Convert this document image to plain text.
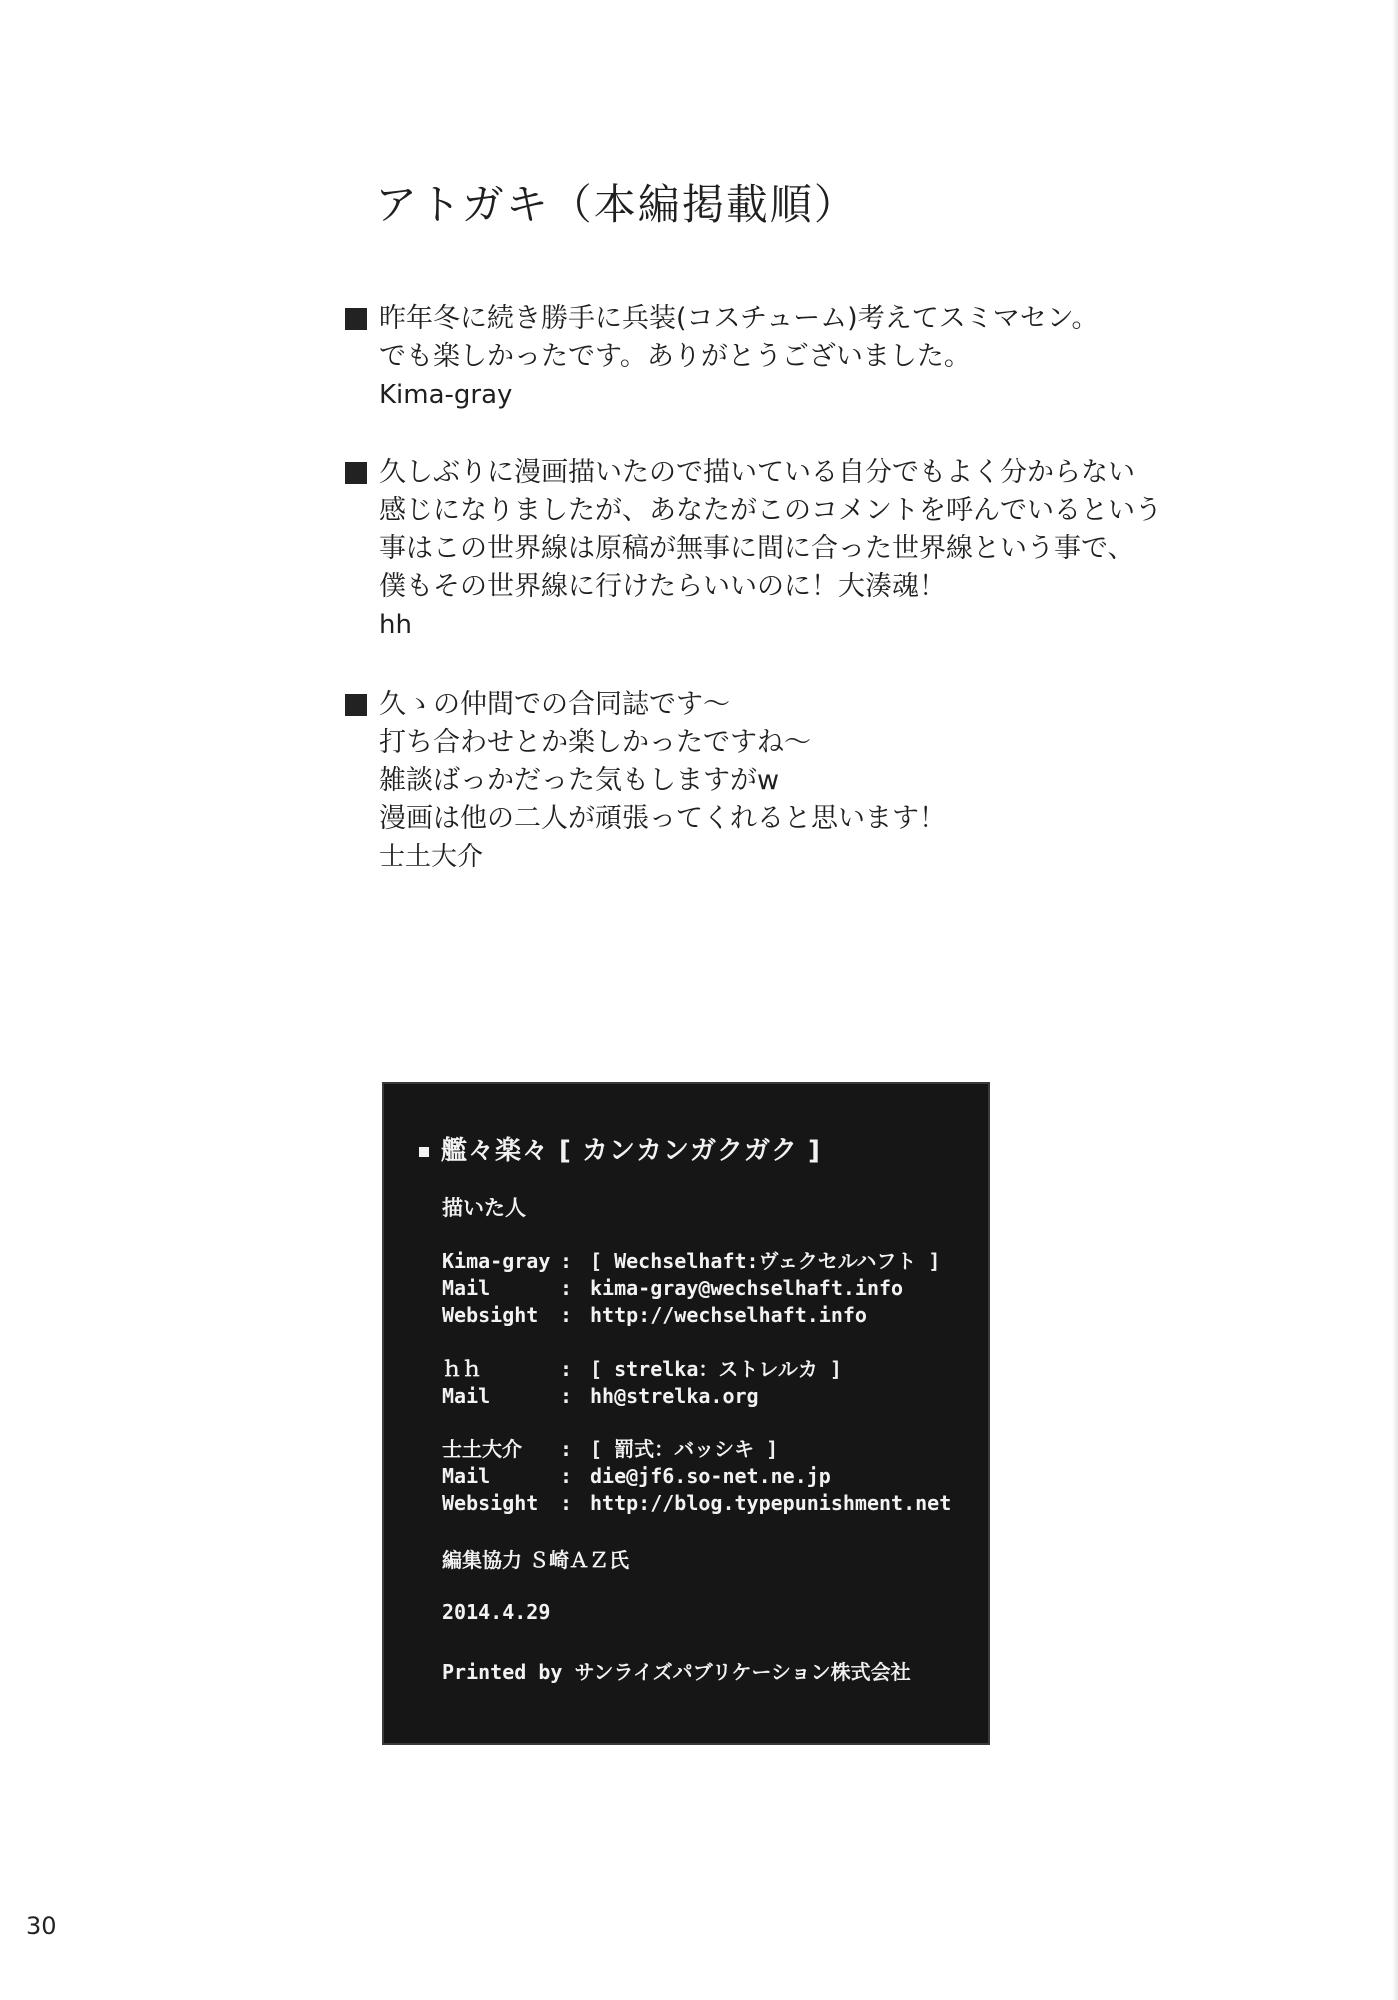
アトガキ（本編掲載順）
昨年冬に続き勝手に兵装(コスチューム)考えてスミマセン。
でも楽しかったです。ありがとうございました。
Kima-gray
久しぶりに漫画描いたので描いている自分でもよく分からない
感じになりましたが、あなたがこのコメントを呼んでいるという
事はこの世界線は原稿が無事に間に合った世界線という事で、
僕もその世界線に行けたらいいのに！大湊魂！
hh
久ゝの仲間での合同誌です～
打ち合わせとか楽しかったですね～
雑談ばっかだった気もしますがw
漫画は他の二人が頑張ってくれると思います！
士土大介
艦々楽々 [ カンカンガクガク ]
描いた人
Kima-gray : [ Wechselhaft:ヴェクセルハフト ]
Mail	: kima-gray@wechselhaft.info
Websight : http://wechselhaft.info
ｈｈ	: [ strelka：ストレルカ ]
Mail	: hh@strelka.org
士土大介 : [ 罰式：バッシキ ]
Mail	: die@jf6.so-net.ne.jp
Websight : http://blog.typepunishment.net
編集協力 Ｓ崎ＡＺ氏
2014.4.29
Printed by サンライズパブリケーション株式会社
30
